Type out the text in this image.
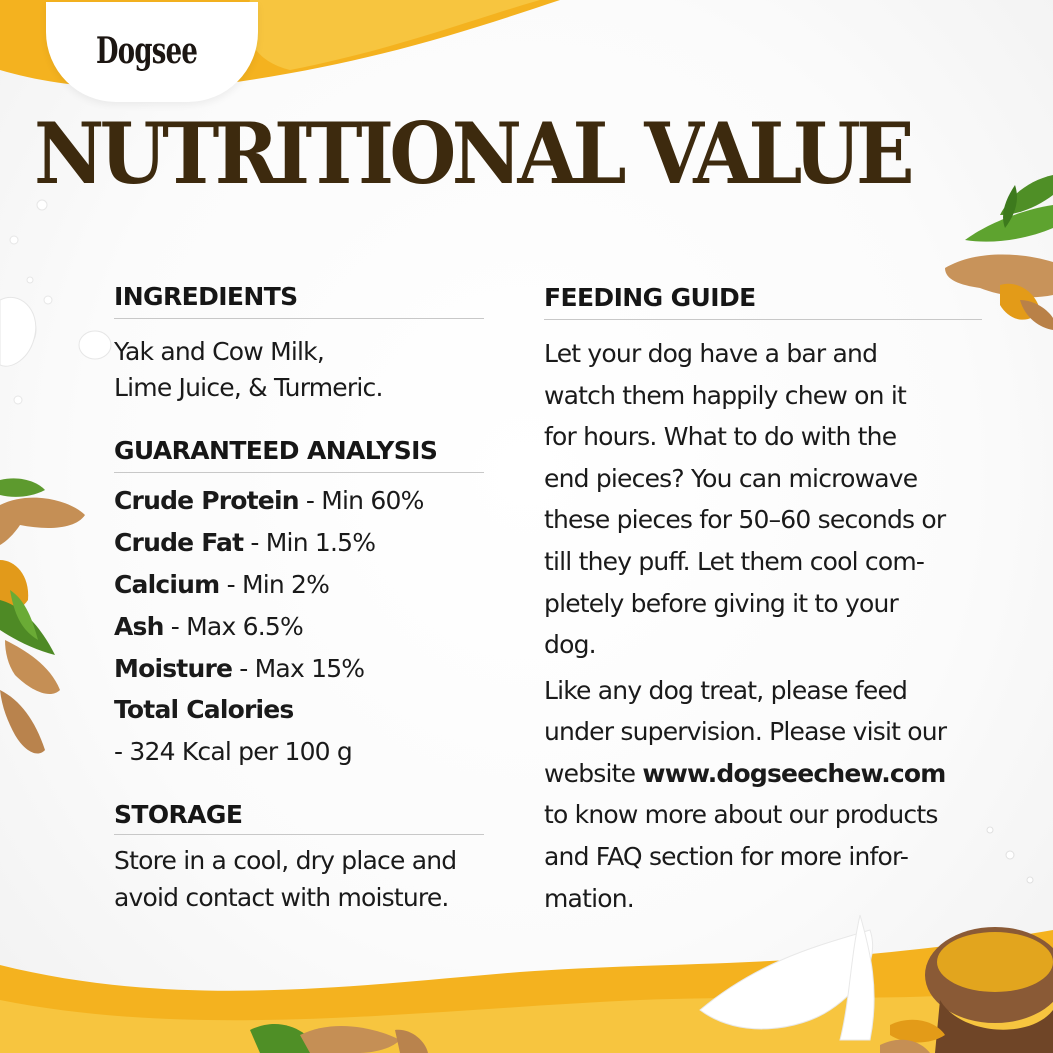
Dogsee
NUTRITIONAL VALUE
INGREDIENTS
Yak and Cow Milk,
Lime Juice, & Turmeric.
GUARANTEED ANALYSIS
Crude Protein - Min 60%
Crude Fat - Min 1.5%
Calcium - Min 2%
Ash - Max 6.5%
Moisture - Max 15%
Total Calories
- 324 Kcal per 100 g
STORAGE
Store in a cool, dry place and
avoid contact with moisture.
FEEDING GUIDE
Let your dog have a bar and
watch them happily chew on it
for hours. What to do with the
end pieces? You can microwave
these pieces for 50–60 seconds or
till they puff. Let them cool com-
pletely before giving it to your
dog.
Like any dog treat, please feed
under supervision. Please visit our
website www.dogseechew.com
to know more about our products
and FAQ section for more infor-
mation.
